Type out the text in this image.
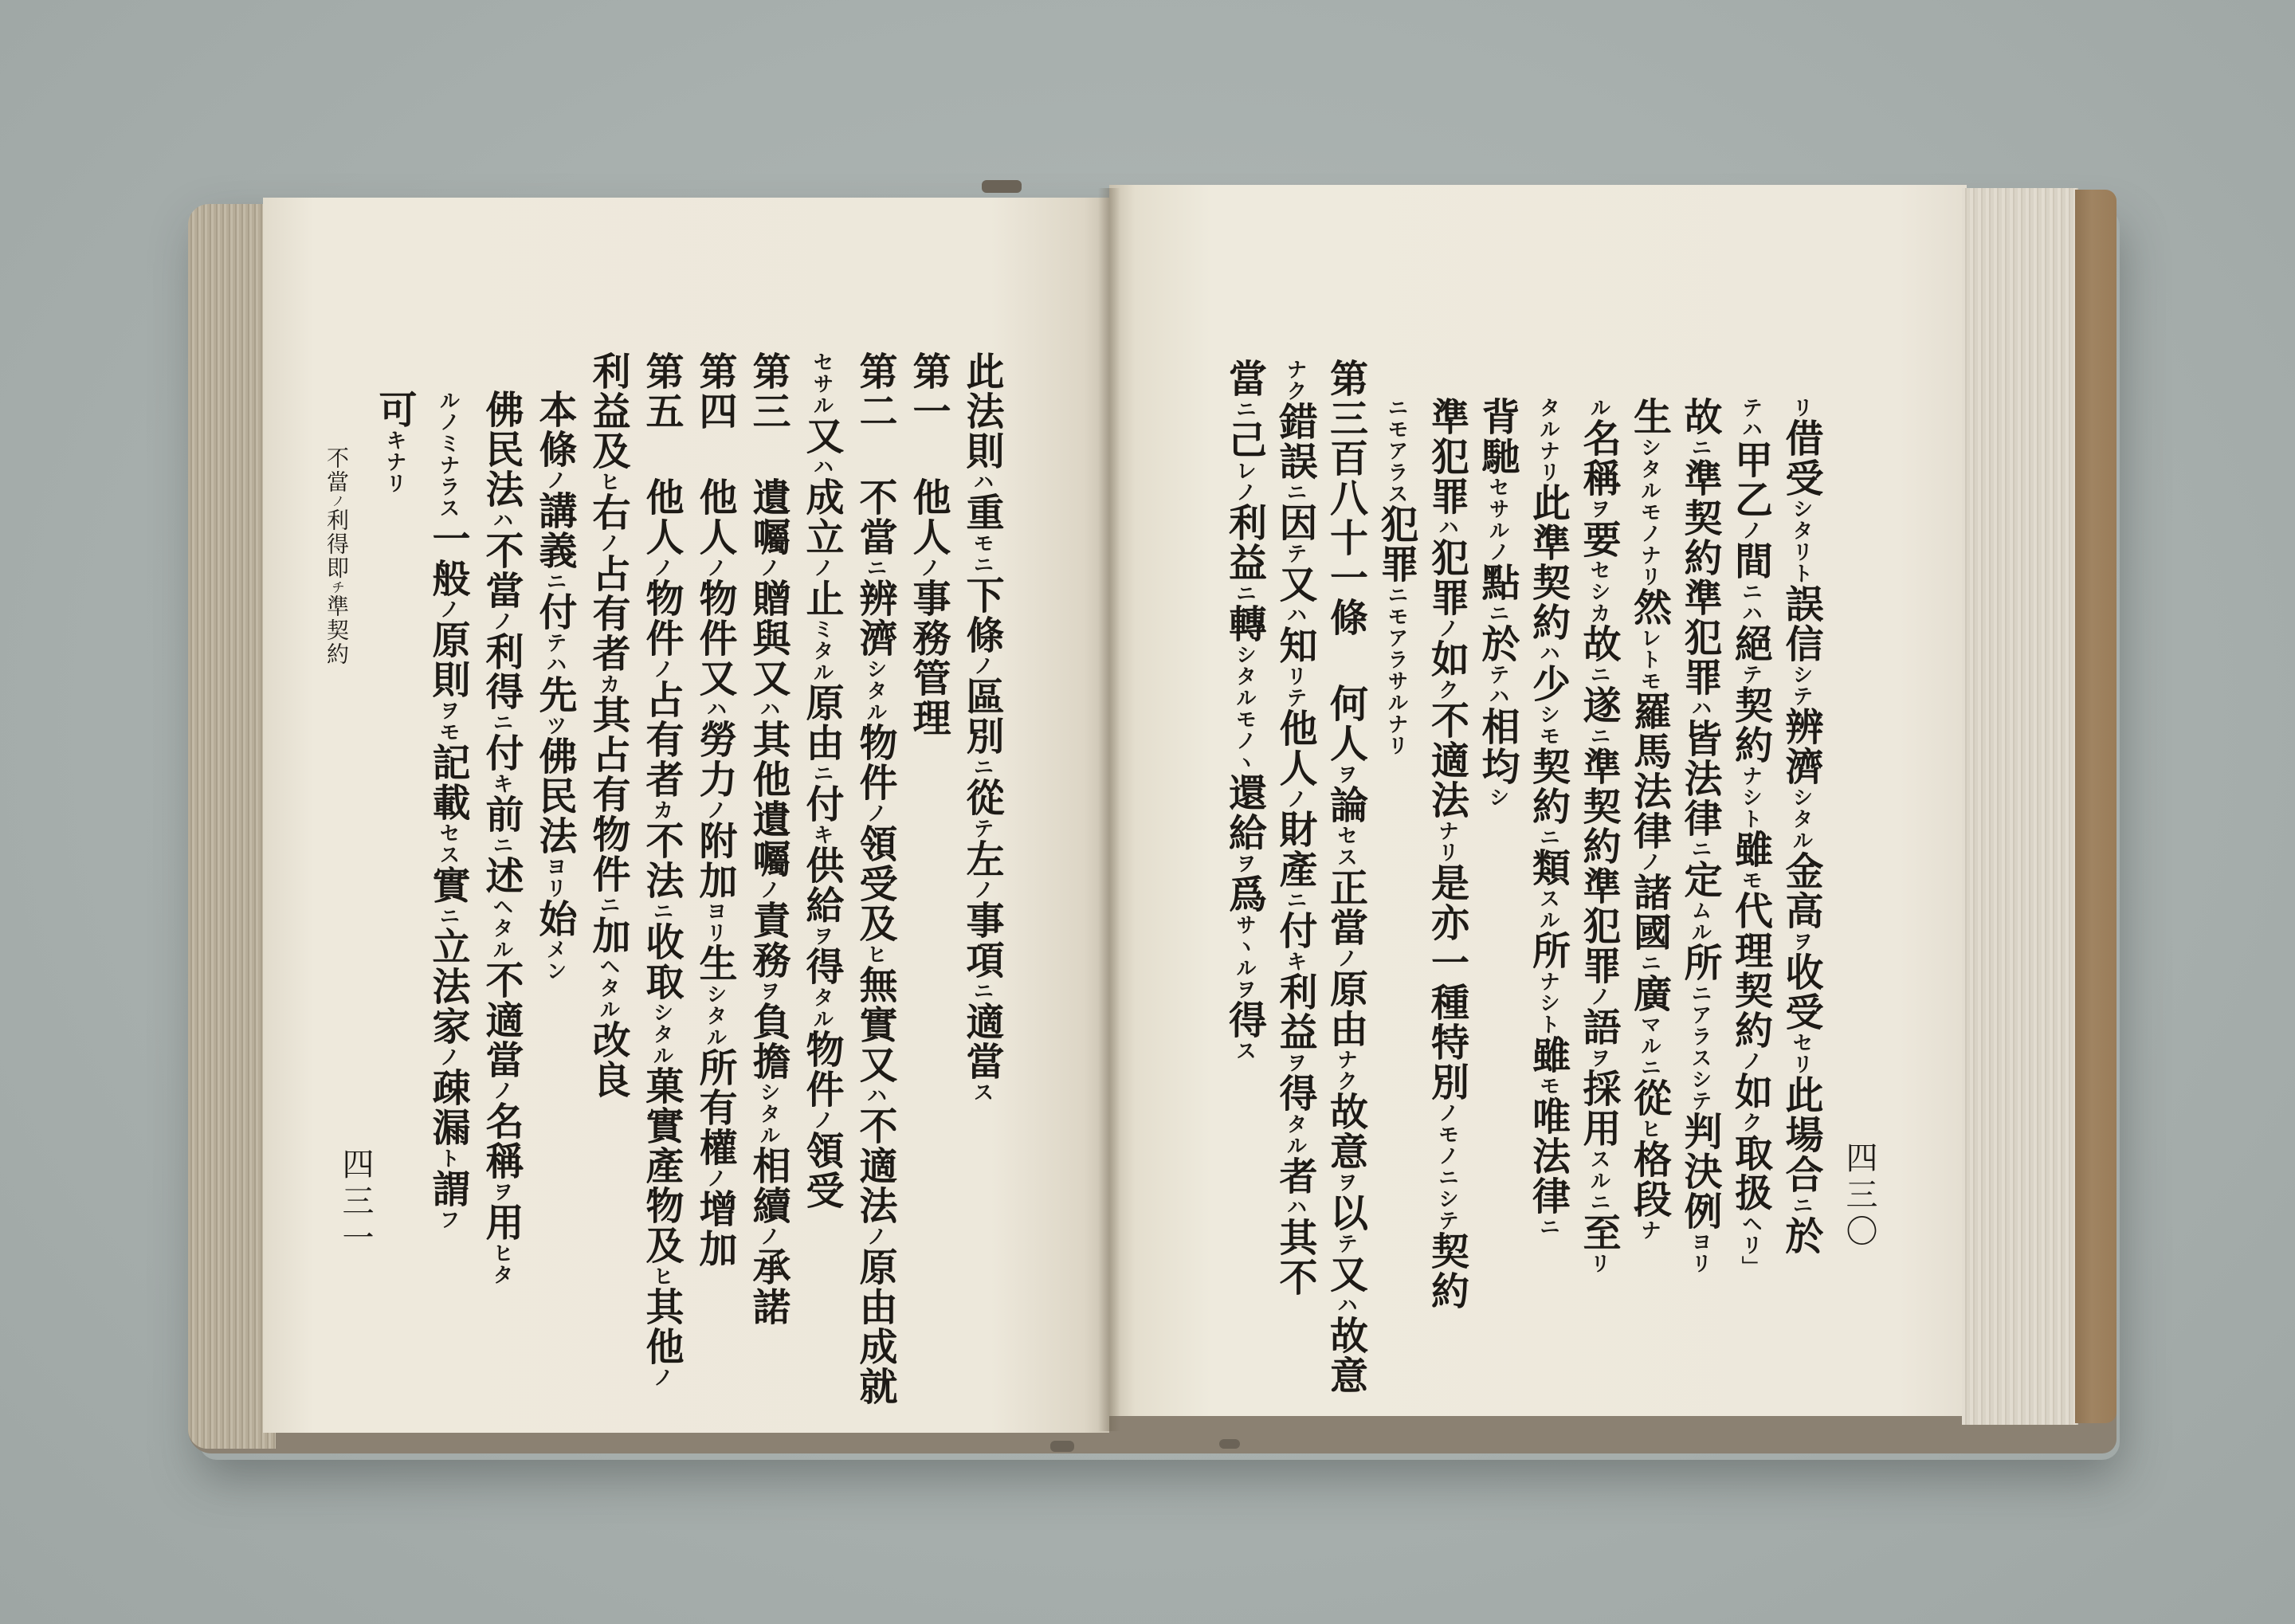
リ借受シタリト誤信シテ辨濟シタル金高ヲ收受セリ此場合ニ於
テハ甲乙ノ間ニハ絕テ契約ナシト雖モ代理契約ノ如ク取扱ヘリ」
故ニ準契約準犯罪ハ皆法律ニ定ムル所ニアラスシテ判決例ヨリ
生シタルモノナリ然レトモ羅馬法律ノ諸國ニ廣マルニ從ヒ格段ナ
ル名稱ヲ要セシカ故ニ遂ニ準契約準犯罪ノ語ヲ採用スルニ至リ
タルナリ此準契約ハ少シモ契約ニ類スル所ナシト雖モ唯法律ニ
背馳セサルノ點ニ於テハ相均シ
準犯罪ハ犯罪ノ如ク不適法ナリ是亦一種特別ノモノニシテ契約
ニモアラス犯罪ニモアラサルナリ
第三百八十一條 何人ヲ論セス正當ノ原由ナク故意ヲ以テ又ハ故意
ナク錯誤ニ因テ又ハ知リテ他人ノ財產ニ付キ利益ヲ得タル者ハ其不
當ニ己レノ利益ニ轉シタルモノヽ還給ヲ爲サヽルヲ得ス
四三〇
此法則ハ重モニ下條ノ區別ニ從テ左ノ事項ニ適當ス
第一 他人ノ事務管理
第二 不當ニ辨濟シタル物件ノ領受及ヒ無實又ハ不適法ノ原由成就
セサル又ハ成立ノ止ミタル原由ニ付キ供給ヲ得タル物件ノ領受
第三 遺囑ノ贈與又ハ其他遺囑ノ責務ヲ負擔シタル相續ノ承諾
第四 他人ノ物件又ハ勞力ノ附加ヨリ生シタル所有權ノ增加
第五 他人ノ物件ノ占有者カ不法ニ收取シタル菓實產物及ヒ其他ノ
利益及ヒ右ノ占有者カ其占有物件ニ加ヘタル改良
本條ノ講義ニ付テハ先ツ佛民法ヨリ始メン
佛民法ハ不當ノ利得ニ付キ前ニ述ヘタル不適當ノ名稱ヲ用ヒタ
ルノミナラス一般ノ原則ヲモ記載セス實ニ立法家ノ疎漏ト謂フ
可キナリ
不當ノ利得即チ準契約
四三一
